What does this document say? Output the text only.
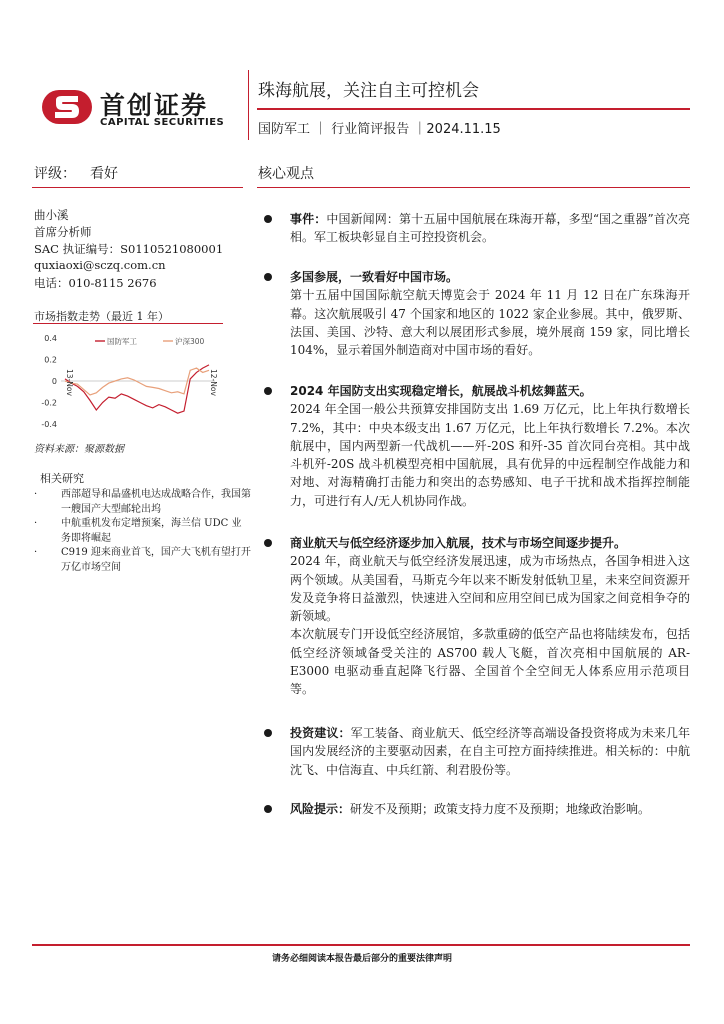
首创证券
CAPITAL SECURITIES
珠海航展，关注自主可控机会
国防军工 ｜ 行业简评报告 ｜2024.11.15
评级： 看好	核心观点
曲小溪
首席分析师
SAC 执证编号：S0110521080001
quxiaoxi@sczq.com.cn
电话：010-8115 2676
市场指数走势（最近 1 年）
0.4
0.2
0
-0.2
-0.4
国防军工	沪深300
13-Nov	12-Nov
资料来源：聚源数据
相关研究
· 西部超导和晶盛机电达成战略合作，我国第一艘国产大型邮轮出坞
· 中航重机发布定增预案，海兰信 UDC 业务即将崛起
· C919 迎来商业首飞，国产大飞机有望打开万亿市场空间
事件：中国新闻网：第十五届中国航展在珠海开幕，多型“国之重器”首次亮相。军工板块彰显自主可控投资机会。

多国参展，一致看好中国市场。

第十五届中国国际航空航天博览会于 2024 年 11 月 12 日在广东珠海开幕。这次航展吸引 47 个国家和地区的 1022 家企业参展。其中，俄罗斯、法国、美国、沙特、意大利以展团形式参展，境外展商 159 家，同比增长 104%，显示着国外制造商对中国市场的看好。

2024 年国防支出实现稳定增长，航展战斗机炫舞蓝天。

2024 年全国一般公共预算安排国防支出 1.69 万亿元，比上年执行数增长 7.2%，其中：中央本级支出 1.67 万亿元，比上年执行数增长 7.2%。本次航展中，国内两型新一代战机——歼-20S 和歼-35 首次同台亮相。其中战斗机歼-20S 战斗机模型亮相中国航展，具有优异的中远程制空作战能力和对地、对海精确打击能力和突出的态势感知、电子干扰和战术指挥控制能力，可进行有人/无人机协同作战。

商业航天与低空经济逐步加入航展，技术与市场空间逐步提升。

2024 年，商业航天与低空经济发展迅速，成为市场热点，各国争相进入这两个领域。从美国看，马斯克今年以来不断发射低轨卫星，未来空间资源开发及竞争将日益激烈，快速进入空间和应用空间已成为国家之间竞相争夺的新领域。

本次航展专门开设低空经济展馆，多款重磅的低空产品也将陆续发布，包括低空经济领域备受关注的 AS700 载人飞艇，首次亮相中国航展的 AR-E3000 电驱动垂直起降飞行器、全国首个全空间无人体系应用示范项目等。

投资建议：军工装备、商业航天、低空经济等高端设备投资将成为未来几年国内发展经济的主要驱动因素，在自主可控方面持续推进。相关标的：中航沈飞、中信海直、中兵红箭、利君股份等。
风险提示：研发不及预期；政策支持力度不及预期；地缘政治影响。
请务必细阅读本报告最后部分的重要法律声明
